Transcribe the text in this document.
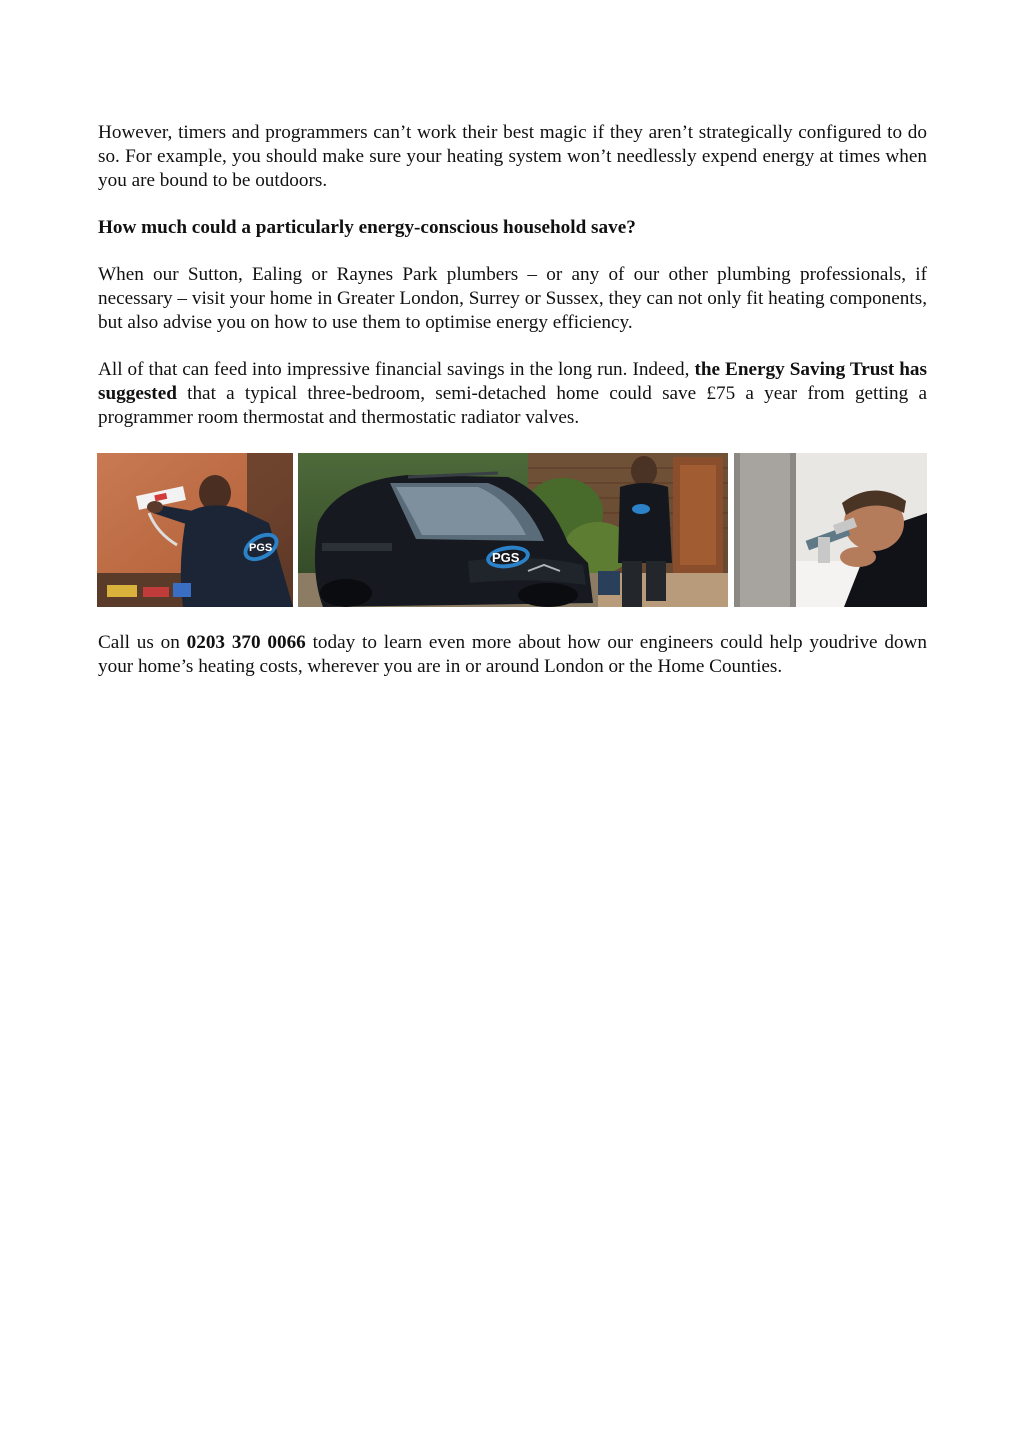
However, timers and programmers can’t work their best magic if they aren’t strategically configured to do so. For example, you should make sure your heating system won’t needlessly expend energy at times when you are bound to be outdoors.

How much could a particularly energy-conscious household save?

When our Sutton, Ealing or Raynes Park plumbers – or any of our other plumbing professionals, if necessary – visit your home in Greater London, Surrey or Sussex, they can not only fit heating components, but also advise you on how to use them to optimise energy efficiency.

All of that can feed into impressive financial savings in the long run. Indeed, the Energy Saving Trust has suggested that a typical three-bedroom, semi-detached home could save £75 a year from getting a programmer room thermostat and thermostatic radiator valves.

PGS
PGS

Call us on 0203 370 0066 today to learn even more about how our engineers could help youdrive down your home’s heating costs, wherever you are in or around London or the Home Counties.
